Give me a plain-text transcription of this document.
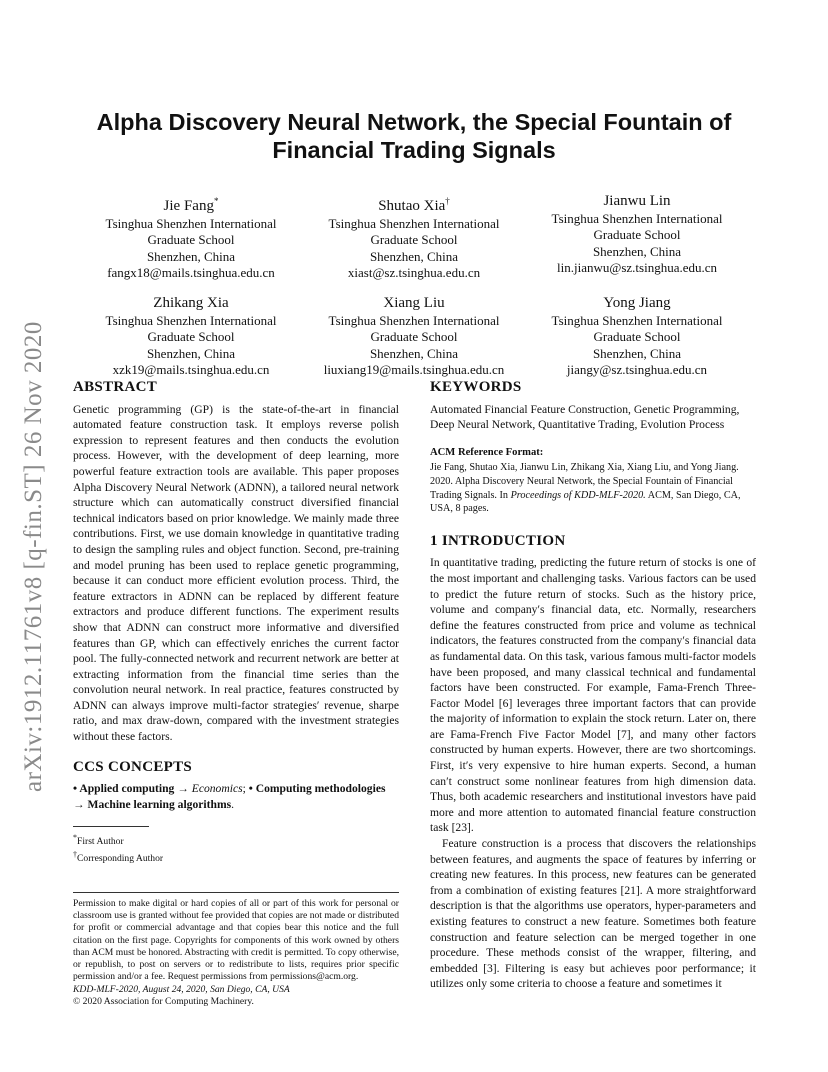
arXiv:1912.11761v8 [q-fin.ST] 26 Nov 2020
Alpha Discovery Neural Network, the Special Fountain of Financial Trading Signals
Jie Fang*
Tsinghua Shenzhen International
Graduate School
Shenzhen, China
fangx18@mails.tsinghua.edu.cn
Shutao Xia†
Tsinghua Shenzhen International
Graduate School
Shenzhen, China
xiast@sz.tsinghua.edu.cn
Jianwu Lin
Tsinghua Shenzhen International
Graduate School
Shenzhen, China
lin.jianwu@sz.tsinghua.edu.cn
Zhikang Xia
Tsinghua Shenzhen International
Graduate School
Shenzhen, China
xzk19@mails.tsinghua.edu.cn
Xiang Liu
Tsinghua Shenzhen International
Graduate School
Shenzhen, China
liuxiang19@mails.tsinghua.edu.cn
Yong Jiang
Tsinghua Shenzhen International
Graduate School
Shenzhen, China
jiangy@sz.tsinghua.edu.cn
ABSTRACT

Genetic programming (GP) is the state-of-the-art in financial automated feature construction task. It employs reverse polish expression to represent features and then conducts the evolution process. However, with the development of deep learning, more powerful feature extraction tools are available. This paper proposes Alpha Discovery Neural Network (ADNN), a tailored neural network structure which can automatically construct diversified financial technical indicators based on prior knowledge. We mainly made three contributions. First, we use domain knowledge in quantitative trading to design the sampling rules and object function. Second, pre-training and model pruning has been used to replace genetic programming, because it can conduct more efficient evolution process. Third, the feature extractors in ADNN can be replaced by different feature extractors and produce different functions. The experiment results show that ADNN can construct more informative and diversified features than GP, which can effectively enriches the current factor pool. The fully-connected network and recurrent network are better at extracting information from the financial time series than the convolution neural network. In real practice, features constructed by ADNN can always improve multi-factor strategies′ revenue, sharpe ratio, and max draw-down, compared with the investment strategies without these factors.

CCS CONCEPTS

• Applied computing → Economics; • Computing methodologies
→ Machine learning algorithms.

*First Author
†Corresponding Author

Permission to make digital or hard copies of all or part of this work for personal or classroom use is granted without fee provided that copies are not made or distributed for profit or commercial advantage and that copies bear this notice and the full citation on the first page. Copyrights for components of this work owned by others than ACM must be honored. Abstracting with credit is permitted. To copy otherwise, or republish, to post on servers or to redistribute to lists, requires prior specific permission and/or a fee. Request permissions from permissions@acm.org.

KDD-MLF-2020, August 24, 2020, San Diego, CA, USA

© 2020 Association for Computing Machinery.

KEYWORDS

Automated Financial Feature Construction, Genetic Programming, Deep Neural Network, Quantitative Trading, Evolution Process

ACM Reference Format:

Jie Fang, Shutao Xia, Jianwu Lin, Zhikang Xia, Xiang Liu, and Yong Jiang. 2020. Alpha Discovery Neural Network, the Special Fountain of Financial Trading Signals. In Proceedings of KDD-MLF-2020. ACM, San Diego, CA, USA, 8 pages.

1 INTRODUCTION

In quantitative trading, predicting the future return of stocks is one of the most important and challenging tasks. Various factors can be used to predict the future return of stocks. Such as the history price, volume and company′s financial data, etc. Normally, researchers define the features constructed from price and volume as technical indicators, the features constructed from the company′s financial data as fundamental data. On this task, various famous multi-factor models have been proposed, and many classical technical and fundamental factors have been constructed. For example, Fama-French Three-Factor Model [6] leverages three important factors that can provide the majority of information to explain the stock return. Later on, there are Fama-French Five Factor Model [7], and many other factors constructed by human experts. However, there are two shortcomings. First, it′s very expensive to hire human experts. Second, a human can′t construct some nonlinear features from high dimension data. Thus, both academic researchers and institutional investors have paid more and more attention to automated financial feature construction task [23].

Feature construction is a process that discovers the relationships between features, and augments the space of features by inferring or creating new features. In this process, new features can be generated from a combination of existing features [21]. A more straightforward description is that the algorithms use operators, hyper-parameters and existing features to construct a new feature. Sometimes both feature construction and feature selection can be merged together in one procedure. These methods consist of the wrapper, filtering, and embedded [3]. Filtering is easy but achieves poor performance; it utilizes only some criteria to choose a feature and sometimes it
